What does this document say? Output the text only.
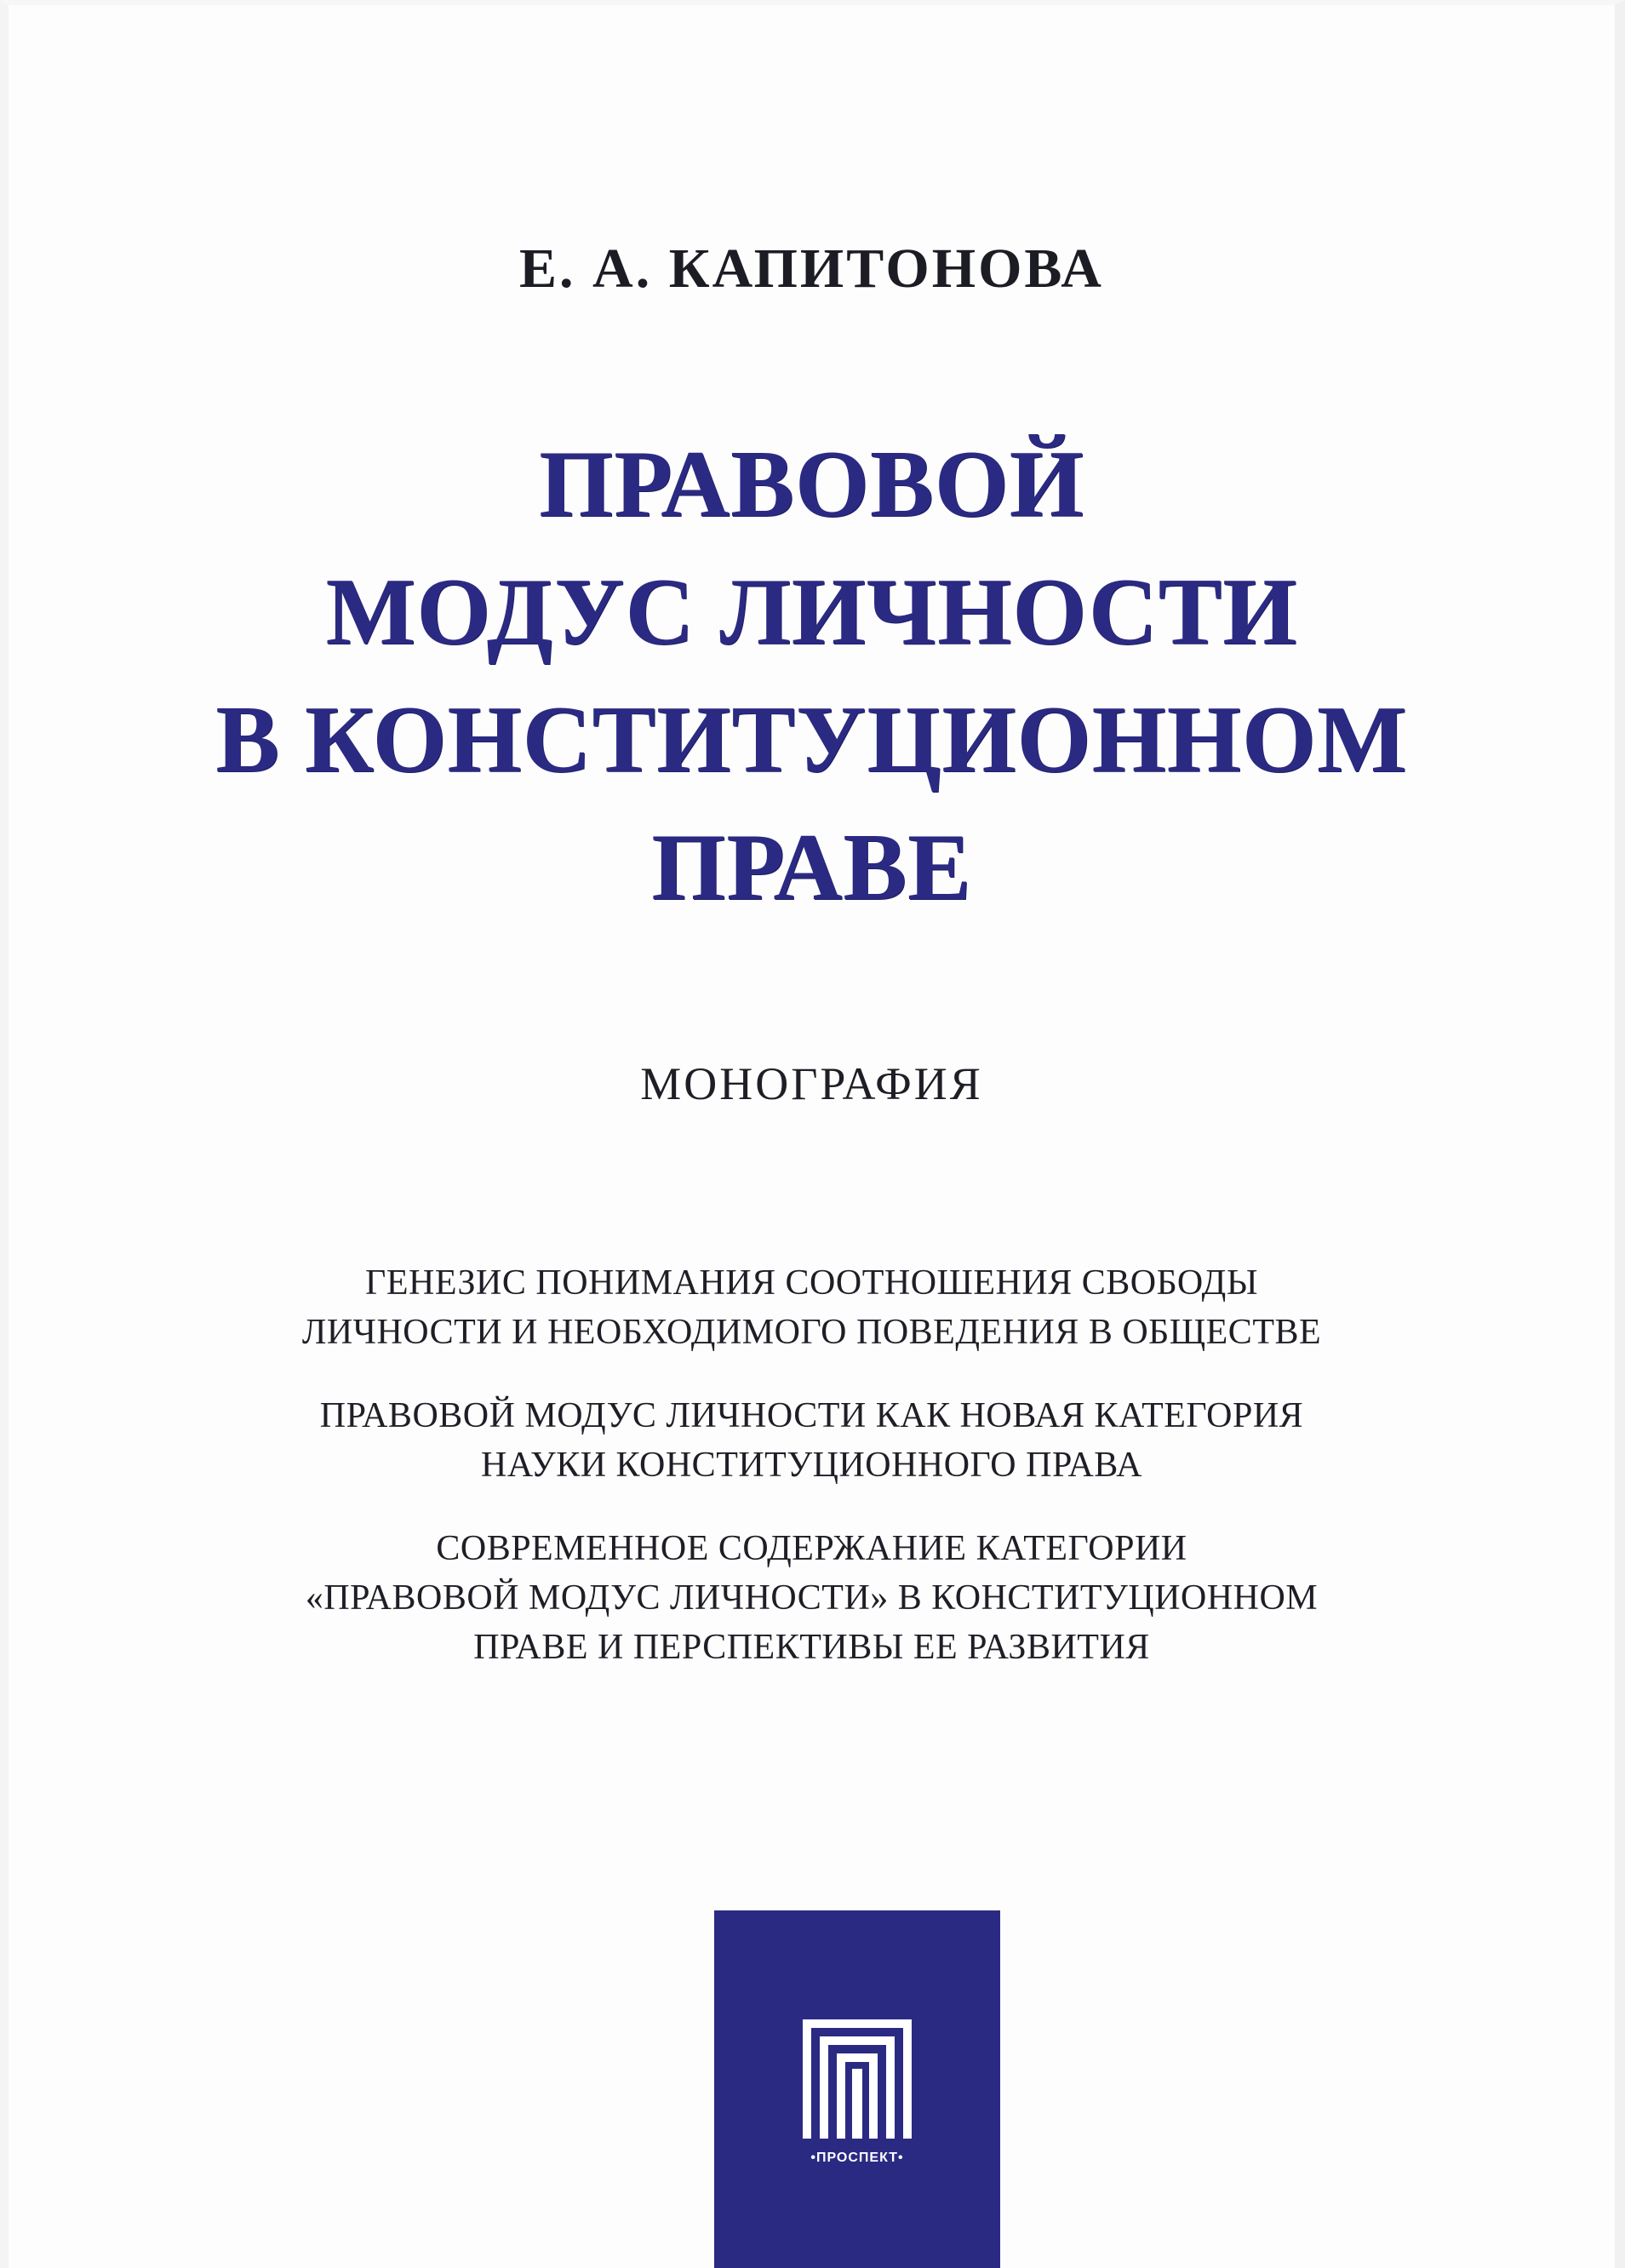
Е. А. КАПИТОНОВА
ПРАВОВОЙ
МОДУС ЛИЧНОСТИ
В КОНСТИТУЦИОННОМ
ПРАВЕ
МОНОГРАФИЯ
ГЕНЕЗИС ПОНИМАНИЯ СООТНОШЕНИЯ СВОБОДЫ
ЛИЧНОСТИ И НЕОБХОДИМОГО ПОВЕДЕНИЯ В ОБЩЕСТВЕ
ПРАВОВОЙ МОДУС ЛИЧНОСТИ КАК НОВАЯ КАТЕГОРИЯ
НАУКИ КОНСТИТУЦИОННОГО ПРАВА
СОВРЕМЕННОЕ СОДЕРЖАНИЕ КАТЕГОРИИ
«ПРАВОВОЙ МОДУС ЛИЧНОСТИ» В КОНСТИТУЦИОННОМ
ПРАВЕ И ПЕРСПЕКТИВЫ ЕЕ РАЗВИТИЯ
•ПРОСПЕКТ•
